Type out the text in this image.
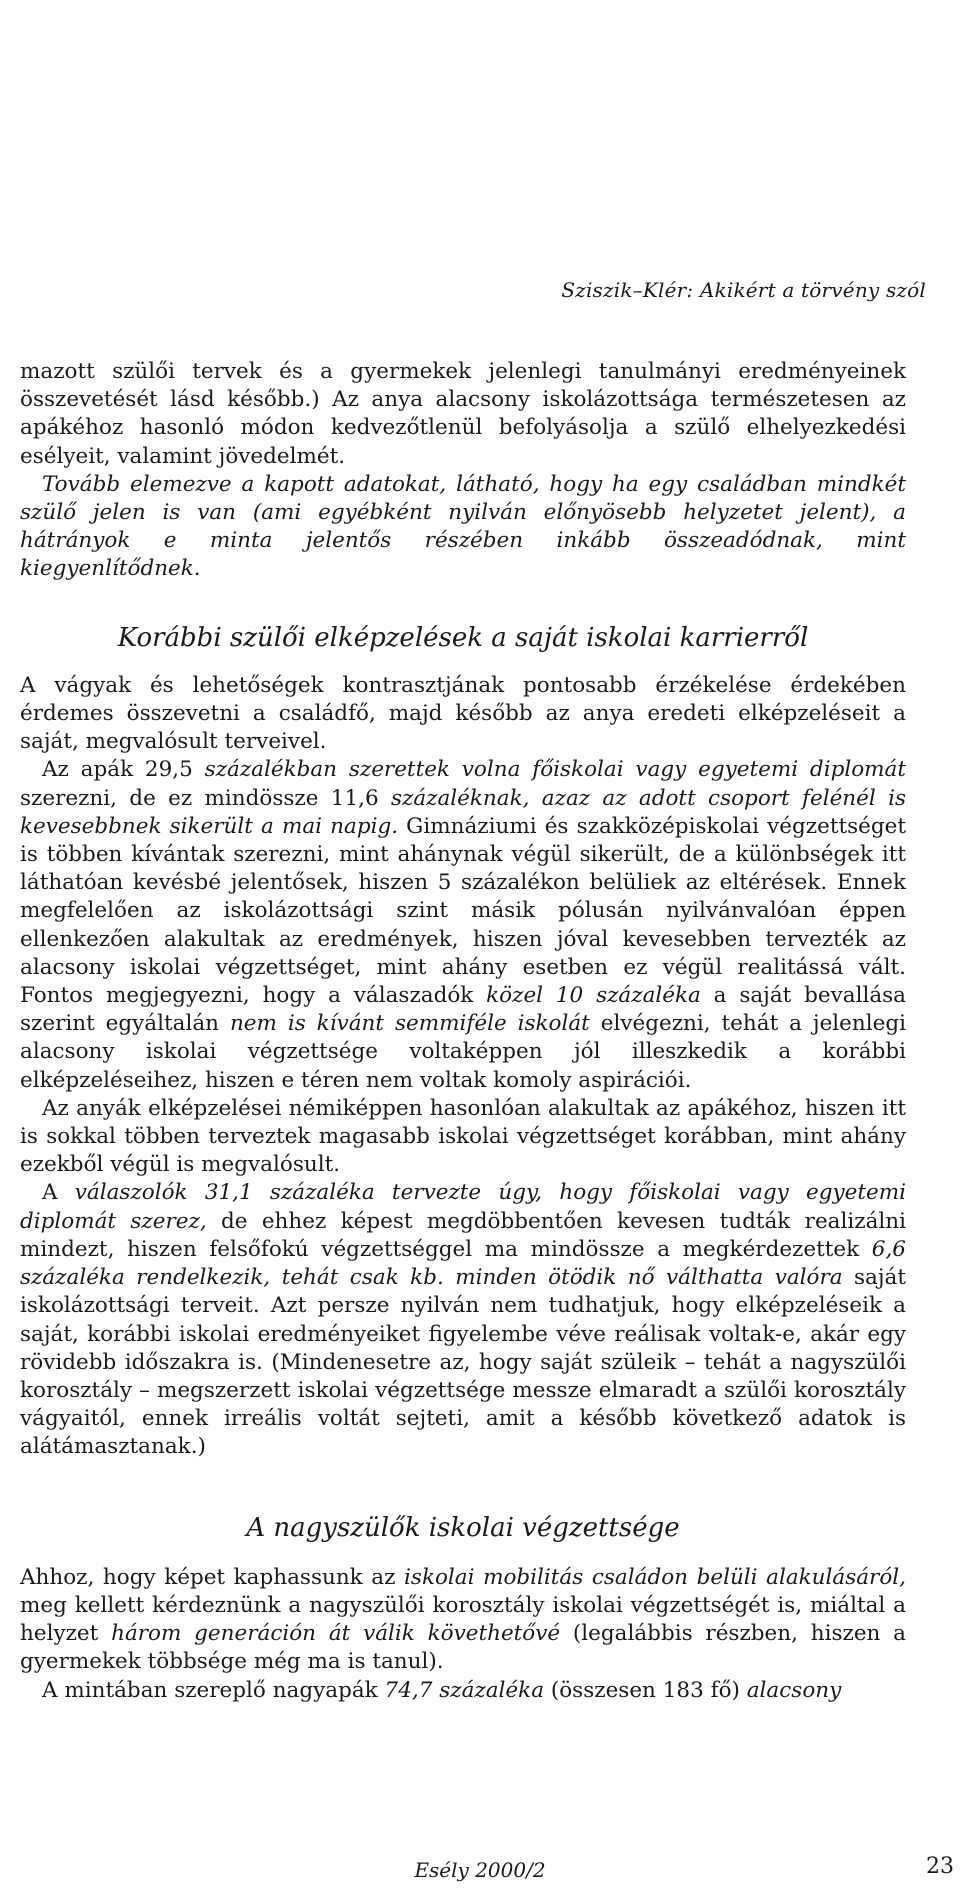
Sziszik–Klér: Akikért a törvény szól

mazott szülői tervek és a gyermekek jelenlegi tanulmányi eredményeinek összevetését lásd később.) Az anya alacsony iskolázottsága természetesen az apákéhoz hasonló módon kedvezőtlenül befolyásolja a szülő elhelyezkedési esélyeit, valamint jövedelmét.

Tovább elemezve a kapott adatokat, látható, hogy ha egy családban mindkét szülő jelen is van (ami egyébként nyilván előnyösebb helyzetet jelent), a hátrányok e minta jelentős részében inkább összeadódnak, mint kiegyenlítődnek.

Korábbi szülői elképzelések a saját iskolai karrierről

A vágyak és lehetőségek kontrasztjának pontosabb érzékelése érdekében érdemes összevetni a családfő, majd később az anya eredeti elképzeléseit a saját, megvalósult terveivel.

Az apák 29,5 százalékban szerettek volna főiskolai vagy egyetemi diplomát szerezni, de ez mindössze 11,6 százaléknak, azaz az adott csoport felénél is kevesebbnek sikerült a mai napig. Gimnáziumi és szakközépiskolai végzettséget is többen kívántak szerezni, mint ahánynak végül sikerült, de a különbségek itt láthatóan kevésbé jelentősek, hiszen 5 százalékon belüliek az eltérések. Ennek megfelelően az iskolázottsági szint másik pólusán nyilvánvalóan éppen ellenkezően alakultak az eredmények, hiszen jóval kevesebben tervezték az alacsony iskolai végzettséget, mint ahány esetben ez végül realitássá vált. Fontos megjegyezni, hogy a válaszadók közel 10 százaléka a saját bevallása szerint egyáltalán nem is kívánt semmiféle iskolát elvégezni, tehát a jelenlegi alacsony iskolai végzettsége voltaképpen jól illeszkedik a korábbi elképzeléseihez, hiszen e téren nem voltak komoly aspirációi.

Az anyák elképzelései némiképpen hasonlóan alakultak az apákéhoz, hiszen itt is sokkal többen terveztek magasabb iskolai végzettséget korábban, mint ahány ezekből végül is megvalósult.

A válaszolók 31,1 százaléka tervezte úgy, hogy főiskolai vagy egyetemi diplomát szerez, de ehhez képest megdöbbentően kevesen tudták realizálni mindezt, hiszen felsőfokú végzettséggel ma mindössze a megkérdezettek 6,6 százaléka rendelkezik, tehát csak kb. minden ötödik nő válthatta valóra saját iskolázottsági terveit. Azt persze nyilván nem tudhatjuk, hogy elképzeléseik a saját, korábbi iskolai eredményeiket figyelembe véve reálisak voltak-e, akár egy rövidebb időszakra is. (Mindenesetre az, hogy saját szüleik – tehát a nagyszülői korosztály – megszerzett iskolai végzettsége messze elmaradt a szülői korosztály vágyaitól, ennek irreális voltát sejteti, amit a később következő adatok is alátámasztanak.)

A nagyszülők iskolai végzettsége

Ahhoz, hogy képet kaphassunk az iskolai mobilitás családon belüli alakulásáról, meg kellett kérdeznünk a nagyszülői korosztály iskolai végzettségét is, miáltal a helyzet három generáción át válik követhetővé (legalábbis részben, hiszen a gyermekek többsége még ma is tanul).

A mintában szereplő nagyapák 74,7 százaléka (összesen 183 fő) alacsony

Esély 2000/2	23
